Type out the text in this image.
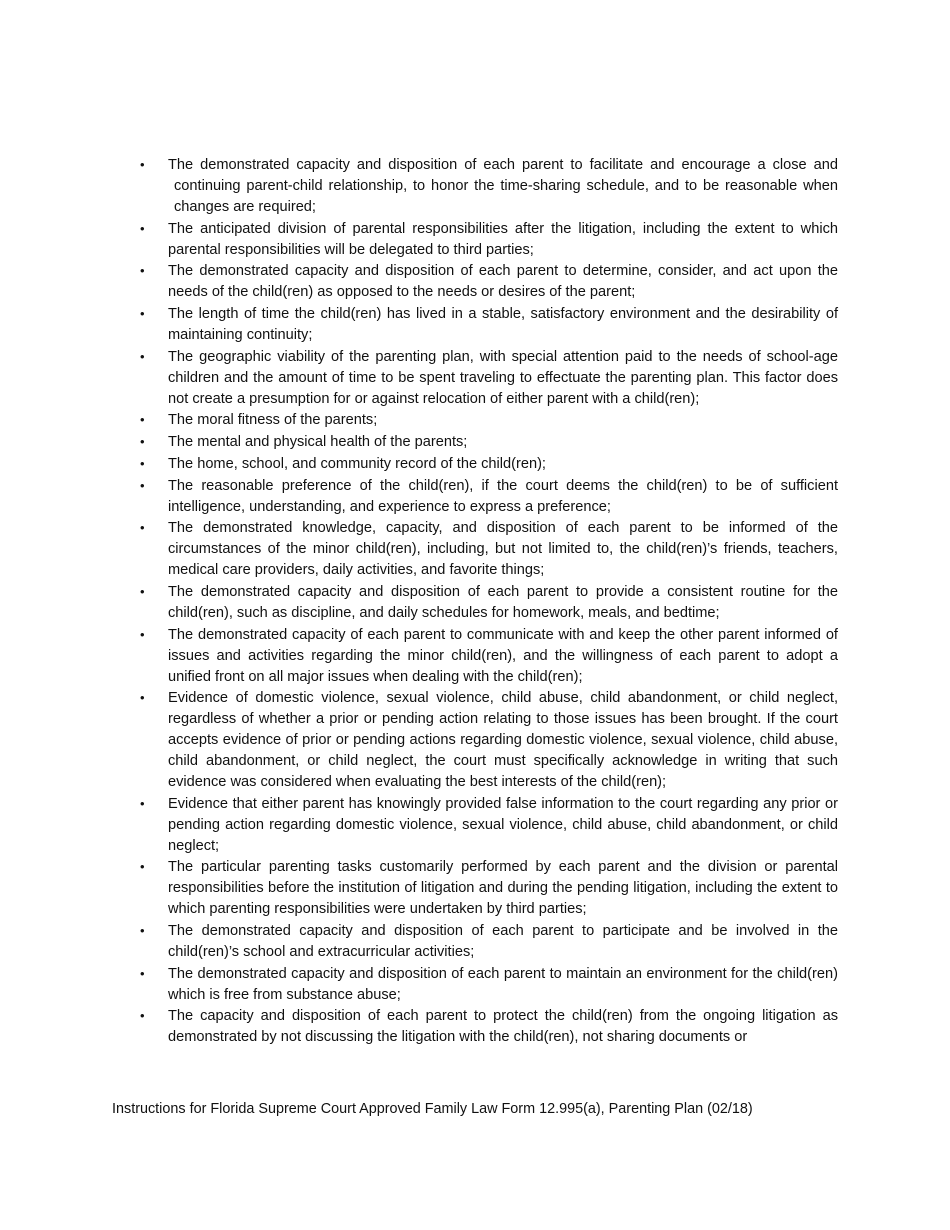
•	The demonstrated capacity and disposition of each parent to facilitate and encourage a close and continuing parent-child relationship, to honor the time-sharing schedule, and to be reasonable when changes are required;
•	The anticipated division of parental responsibilities after the litigation, including the extent to which parental responsibilities will be delegated to third parties;
•	The demonstrated capacity and disposition of each parent to determine, consider, and act upon the needs of the child(ren) as opposed to the needs or desires of the parent;
•	The length of time the child(ren) has lived in a stable, satisfactory environment and the desirability of maintaining continuity;
•	The geographic viability of the parenting plan, with special attention paid to the needs of school-age children and the amount of time to be spent traveling to effectuate the parenting plan. This factor does not create a presumption for or against relocation of either parent with a child(ren);
•	The moral fitness of the parents;
•	The mental and physical health of the parents;
•	The home, school, and community record of the child(ren);
•	The reasonable preference of the child(ren), if the court deems the child(ren) to be of sufficient intelligence, understanding, and experience to express a preference;
•	The demonstrated knowledge, capacity, and disposition of each parent to be informed of the circumstances of the minor child(ren), including, but not limited to, the child(ren)’s friends, teachers, medical care providers, daily activities, and favorite things;
•	The demonstrated capacity and disposition of each parent to provide a consistent routine for the child(ren), such as discipline, and daily schedules for homework, meals, and bedtime;
•	The demonstrated capacity of each parent to communicate with and keep the other parent informed of issues and activities regarding the minor child(ren), and the willingness of each parent to adopt a unified front on all major issues when dealing with the child(ren);
•	Evidence of domestic violence, sexual violence, child abuse, child abandonment, or child neglect, regardless of whether a prior or pending action relating to those issues has been brought. If the court accepts evidence of prior or pending actions regarding domestic violence, sexual violence, child abuse, child abandonment, or child neglect, the court must specifically acknowledge in writing that such evidence was considered when evaluating the best interests of the child(ren);
•	Evidence that either parent has knowingly provided false information to the court regarding any prior or pending action regarding domestic violence, sexual violence, child abuse, child abandonment, or child neglect;
•	The particular parenting tasks customarily performed by each parent and the division or parental responsibilities before the institution of litigation and during the pending litigation, including the extent to which parenting responsibilities were undertaken by third parties;
•	The demonstrated capacity and disposition of each parent to participate and be involved in the child(ren)’s school and extracurricular activities;
•	The demonstrated capacity and disposition of each parent to maintain an environment for the child(ren) which is free from substance abuse;
•	The capacity and disposition of each parent to protect the child(ren) from the ongoing litigation as demonstrated by not discussing the litigation with the child(ren), not sharing documents or
Instructions for Florida Supreme Court Approved Family Law Form 12.995(a), Parenting Plan (02/18)
